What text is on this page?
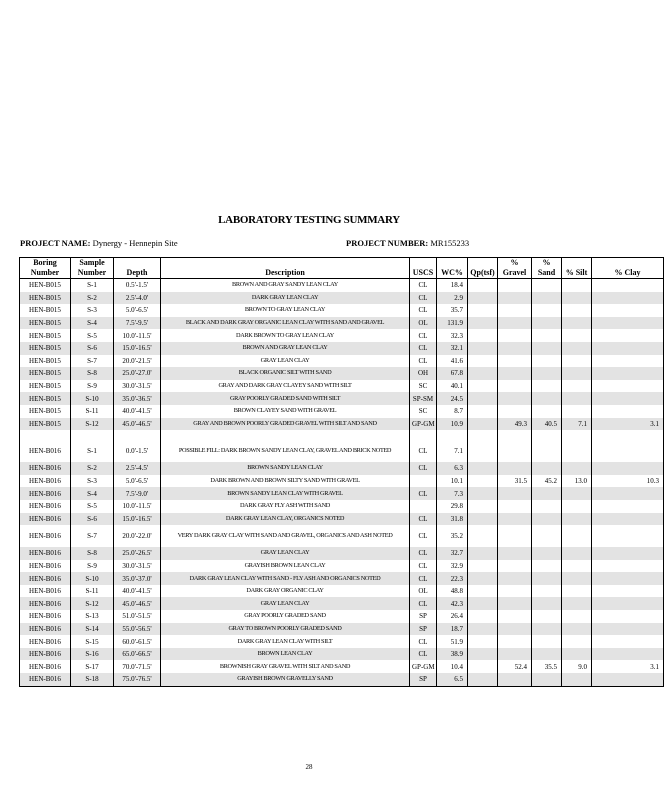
LABORATORY TESTING SUMMARY
PROJECT NAME: Dynergy - Hennepin Site	PROJECT NUMBER: MR155233
Boring Number	Sample Number	Depth	Description	USCS	WC%	Qp(tsf)	% Gravel	% Sand	% Silt	% Clay
HEN-B015	S-1	0.5'-1.5'	BROWN AND GRAY SANDY LEAN CLAY	CL	18.4					
HEN-B015	S-2	2.5'-4.0'	DARK GRAY LEAN CLAY	CL	2.9					
HEN-B015	S-3	5.0'-6.5'	BROWN TO GRAY LEAN CLAY	CL	35.7					
HEN-B015	S-4	7.5'-9.5'	BLACK AND DARK GRAY ORGANIC LEAN CLAY WITH SAND AND GRAVEL	OL	131.9					
HEN-B015	S-5	10.0'-11.5'	DARK BROWN TO GRAY LEAN CLAY	CL	32.3					
HEN-B015	S-6	15.0'-16.5'	BROWN AND GRAY LEAN CLAY	CL	32.1					
HEN-B015	S-7	20.0'-21.5'	GRAY LEAN CLAY	CL	41.6					
HEN-B015	S-8	25.0'-27.0'	BLACK ORGANIC SILT WITH SAND	OH	67.8					
HEN-B015	S-9	30.0'-31.5'	GRAY AND DARK GRAY CLAYEY SAND WITH SILT	SC	40.1					
HEN-B015	S-10	35.0'-36.5'	GRAY POORLY GRADED SAND WITH SILT	SP-SM	24.5					
HEN-B015	S-11	40.0'-41.5'	BROWN CLAYEY SAND WITH GRAVEL	SC	8.7					
HEN-B015	S-12	45.0'-46.5'	GRAY AND BROWN POORLY GRADED GRAVEL WITH SILT AND SAND	GP-GM	10.9		49.3	40.5	7.1	3.1

HEN-B016	S-1	0.0'-1.5'	POSSIBLE FILL: DARK BROWN SANDY LEAN CLAY, GRAVEL AND BRICK NOTED	CL	7.1					
HEN-B016	S-2	2.5'-4.5'	BROWN SANDY LEAN CLAY	CL	6.3					
HEN-B016	S-3	5.0'-6.5'	DARK BROWN AND BROWN SILTY SAND WITH GRAVEL		10.1		31.5	45.2	13.0	10.3
HEN-B016	S-4	7.5'-9.0'	BROWN SANDY LEAN CLAY WITH GRAVEL	CL	7.3					
HEN-B016	S-5	10.0'-11.5'	DARK GRAY FLY ASH WITH SAND		29.8					
HEN-B016	S-6	15.0'-16.5'	DARK GRAY LEAN CLAY, ORGANICS NOTED	CL	31.8					
HEN-B016	S-7	20.0'-22.0'	VERY DARK GRAY CLAY WITH SAND AND GRAVEL, ORGANICS AND ASH NOTED	CL	35.2					
HEN-B016	S-8	25.0'-26.5'	GRAY LEAN CLAY	CL	32.7					
HEN-B016	S-9	30.0'-31.5'	GRAYISH BROWN LEAN CLAY	CL	32.9					
HEN-B016	S-10	35.0'-37.0'	DARK GRAY LEAN CLAY WITH SAND - FLY ASH AND ORGANICS NOTED	CL	22.3					
HEN-B016	S-11	40.0'-41.5'	DARK GRAY ORGANIC CLAY	OL	48.8					
HEN-B016	S-12	45.0'-46.5'	GRAY LEAN CLAY	CL	42.3					
HEN-B016	S-13	51.0'-51.5'	GRAY POORLY GRADED SAND	SP	26.4					
HEN-B016	S-14	55.0'-56.5'	GRAY TO BROWN POORLY GRADED SAND	SP	18.7					
HEN-B016	S-15	60.0'-61.5'	DARK GRAY LEAN CLAY WITH SILT	CL	51.9					
HEN-B016	S-16	65.0'-66.5'	BROWN LEAN CLAY	CL	38.9					
HEN-B016	S-17	70.0'-71.5'	BROWNISH GRAY GRAVEL WITH SILT AND SAND	GP-GM	10.4		52.4	35.5	9.0	3.1
HEN-B016	S-18	75.0'-76.5'	GRAYISH BROWN GRAVELLY SAND	SP	6.5					
28
